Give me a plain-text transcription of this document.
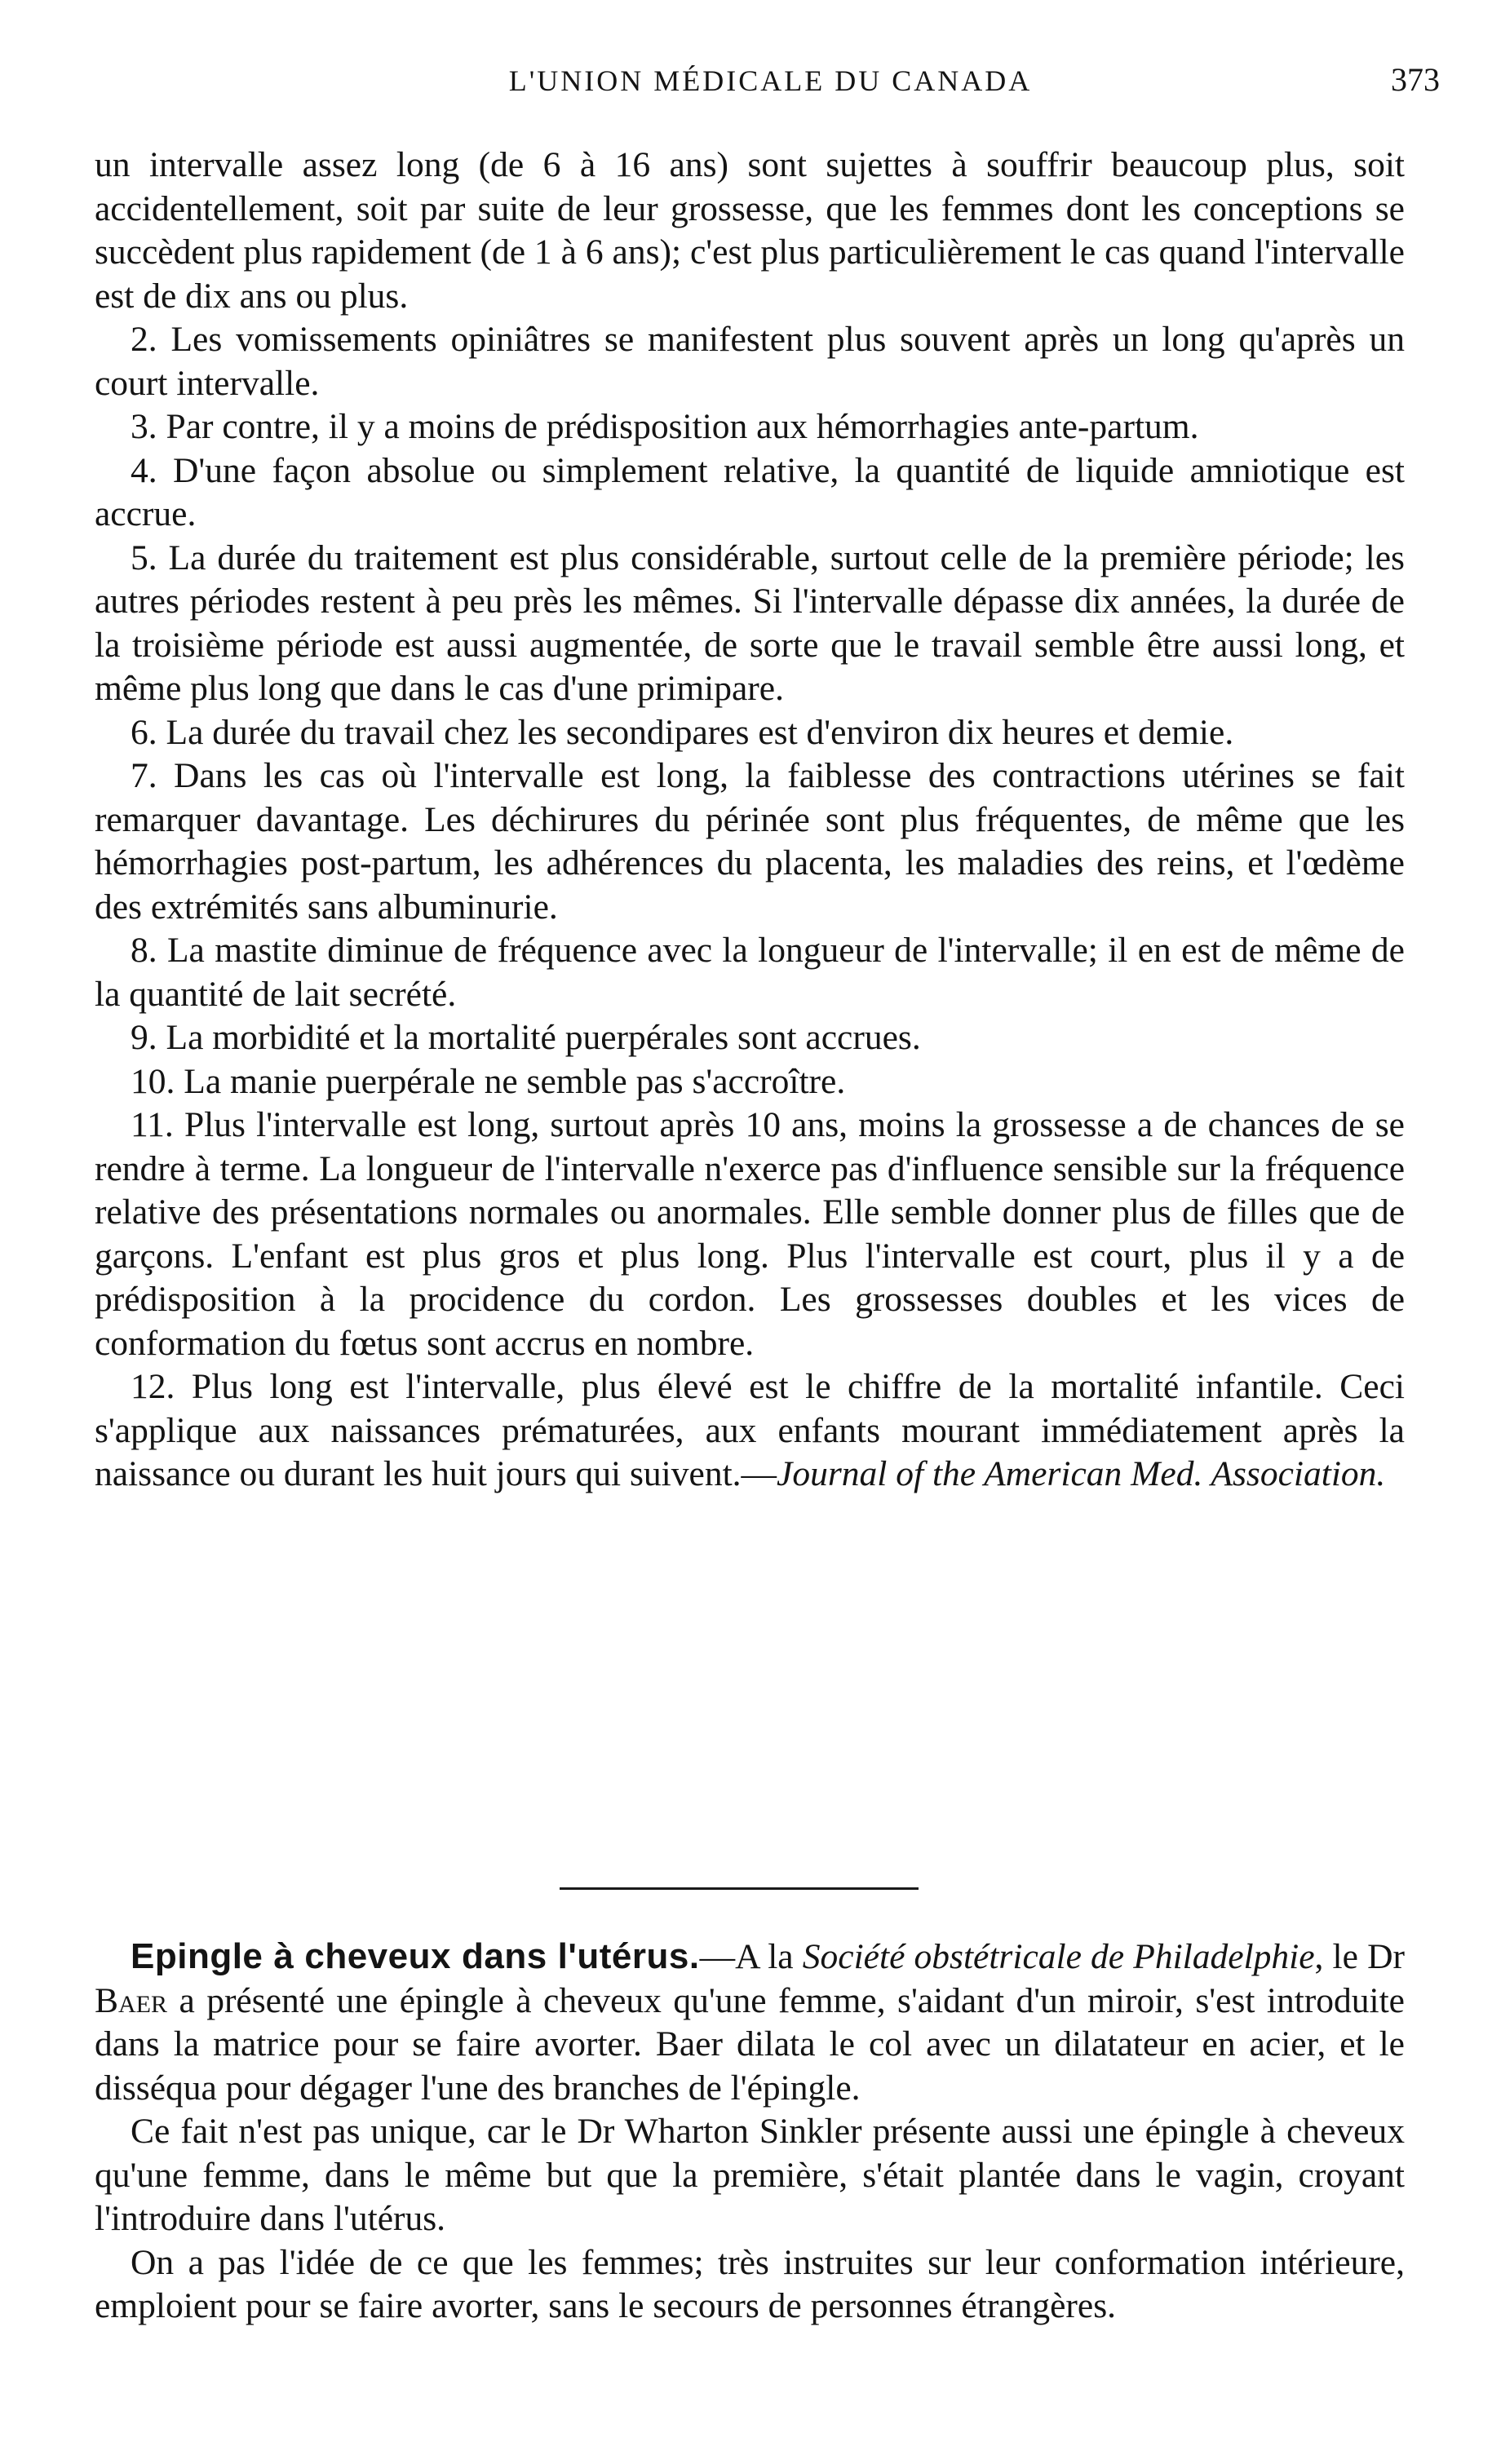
L'UNION MÉDICALE DU CANADA	373

un intervalle assez long (de 6 à 16 ans) sont sujettes à souffrir beaucoup plus, soit accidentellement, soit par suite de leur grossesse, que les femmes dont les conceptions se succèdent plus rapidement (de 1 à 6 ans); c'est plus particulièrement le cas quand l'intervalle est de dix ans ou plus.

2. Les vomissements opiniâtres se manifestent plus souvent après un long qu'après un court intervalle.

3. Par contre, il y a moins de prédisposition aux hémorrhagies ante-partum.

4. D'une façon absolue ou simplement relative, la quantité de liquide amniotique est accrue.

5. La durée du traitement est plus considérable, surtout celle de la première période; les autres périodes restent à peu près les mêmes. Si l'intervalle dépasse dix années, la durée de la troisième période est aussi augmentée, de sorte que le travail semble être aussi long, et même plus long que dans le cas d'une primipare.

6. La durée du travail chez les secondipares est d'environ dix heures et demie.

7. Dans les cas où l'intervalle est long, la faiblesse des contractions utérines se fait remarquer davantage. Les déchirures du périnée sont plus fréquentes, de même que les hémorrhagies post-partum, les adhérences du placenta, les maladies des reins, et l'œdème des extrémités sans albuminurie.

8. La mastite diminue de fréquence avec la longueur de l'intervalle; il en est de même de la quantité de lait secrété.

9. La morbidité et la mortalité puerpérales sont accrues.

10. La manie puerpérale ne semble pas s'accroître.

11. Plus l'intervalle est long, surtout après 10 ans, moins la grossesse a de chances de se rendre à terme. La longueur de l'intervalle n'exerce pas d'influence sensible sur la fréquence relative des présentations normales ou anormales. Elle semble donner plus de filles que de garçons. L'enfant est plus gros et plus long. Plus l'intervalle est court, plus il y a de prédisposition à la procidence du cordon. Les grossesses doubles et les vices de conformation du fœtus sont accrus en nombre.

12. Plus long est l'intervalle, plus élevé est le chiffre de la mortalité infantile. Ceci s'applique aux naissances prématurées, aux enfants mourant immédiatement après la naissance ou durant les huit jours qui suivent.—Journal of the American Med. Association.

Epingle à cheveux dans l'utérus.—A la Société obstétricale de Philadelphie, le Dr Baer a présenté une épingle à cheveux qu'une femme, s'aidant d'un miroir, s'est introduite dans la matrice pour se faire avorter. Baer dilata le col avec un dilatateur en acier, et le disséqua pour dégager l'une des branches de l'épingle.

Ce fait n'est pas unique, car le Dr Wharton Sinkler présente aussi une épingle à cheveux qu'une femme, dans le même but que la première, s'était plantée dans le vagin, croyant l'introduire dans l'utérus.

On a pas l'idée de ce que les femmes; très instruites sur leur conformation intérieure, emploient pour se faire avorter, sans le secours de personnes étrangères.
